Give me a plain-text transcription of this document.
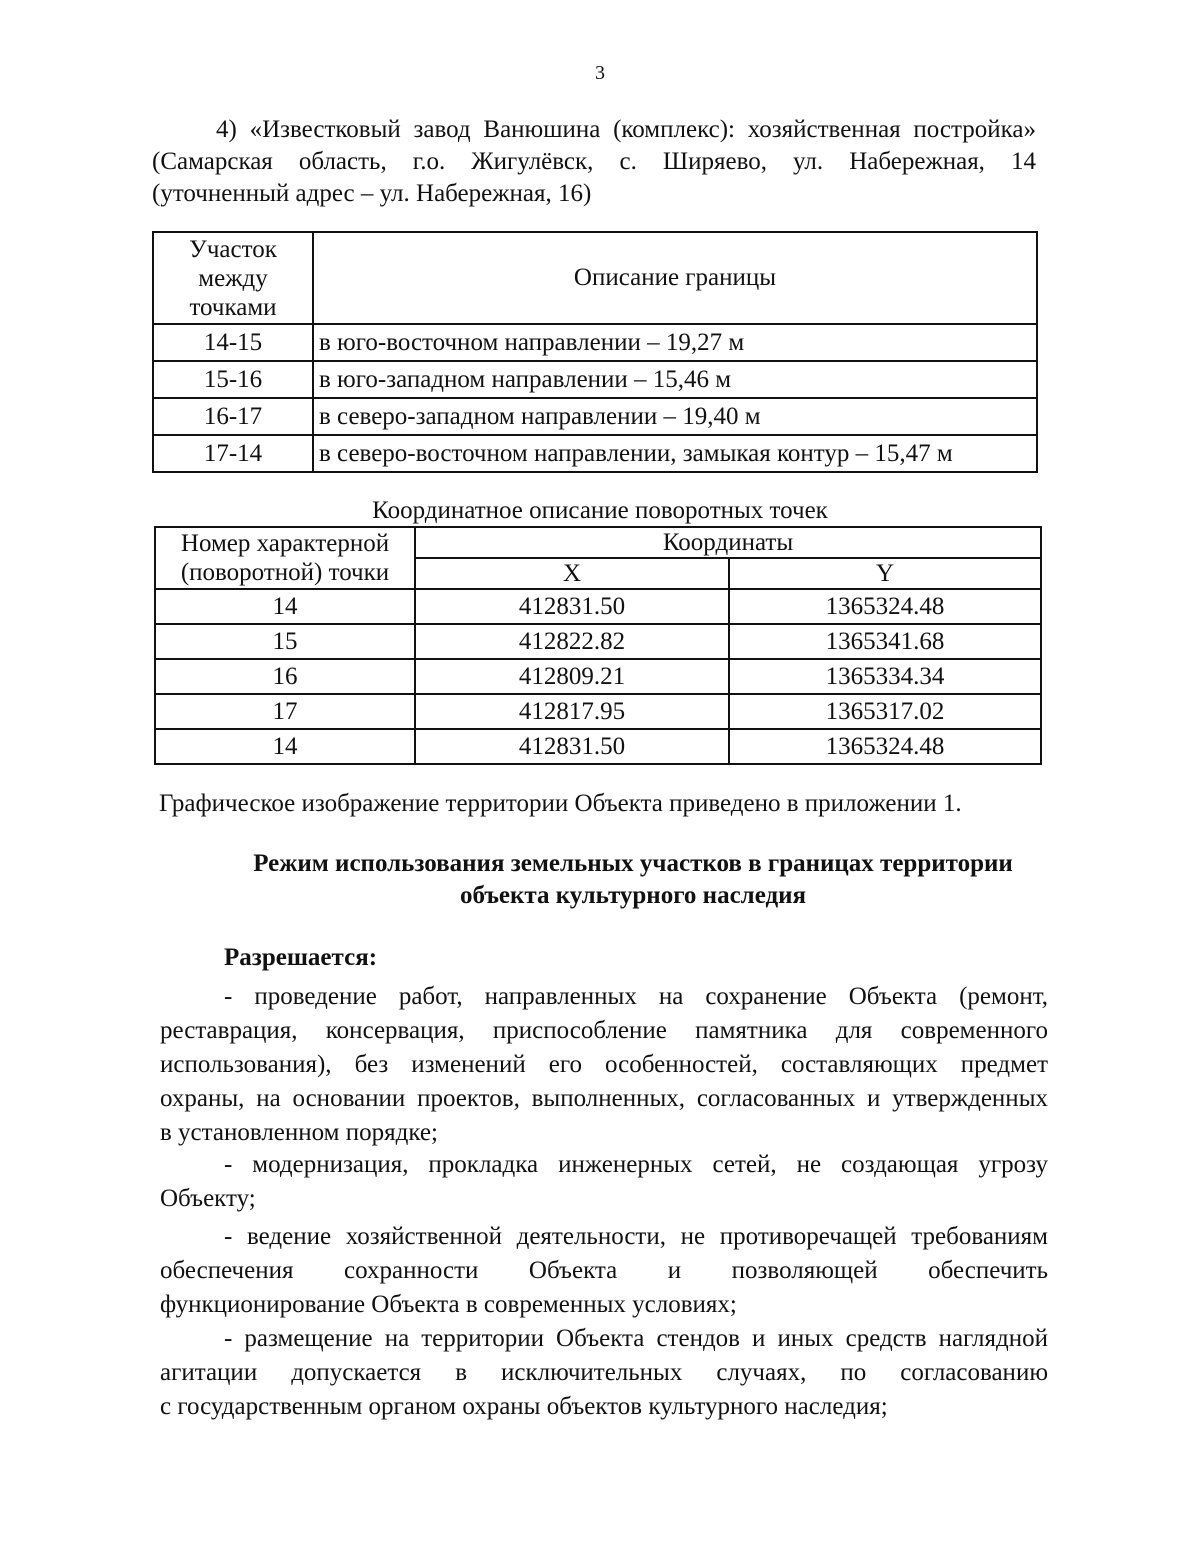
3
4) «Известковый завод Ванюшина (комплекс): хозяйственная постройка»
(Самарская область, г.о. Жигулёвск, с. Ширяево, ул. Набережная, 14
(уточненный адрес – ул. Набережная, 16)
Участок
между
точками	Описание границы
14-15	в юго-восточном направлении – 19,27 м
15-16	в юго-западном направлении – 15,46 м
16-17	в северо-западном направлении – 19,40 м
17-14	в северо-восточном направлении, замыкая контур – 15,47 м
Координатное описание поворотных точек
Номер характерной
(поворотной) точки	Координаты	
	X	Y
14	412831.50	1365324.48
15	412822.82	1365341.68
16	412809.21	1365334.34
17	412817.95	1365317.02
14	412831.50	1365324.48
Графическое изображение территории Объекта приведено в приложении 1.
Режим использования земельных участков в границах территории
объекта культурного наследия
Разрешается:
- проведение работ, направленных на сохранение Объекта (ремонт,
реставрация, консервация, приспособление памятника для современного
использования), без изменений его особенностей, составляющих предмет
охраны, на основании проектов, выполненных, согласованных и утвержденных
в установленном порядке;
- модернизация, прокладка инженерных сетей, не создающая угрозу
Объекту;
- ведение хозяйственной деятельности, не противоречащей требованиям
обеспечения сохранности Объекта и позволяющей обеспечить
функционирование Объекта в современных условиях;
- размещение на территории Объекта стендов и иных средств наглядной
агитации допускается в исключительных случаях, по согласованию
с государственным органом охраны объектов культурного наследия;
